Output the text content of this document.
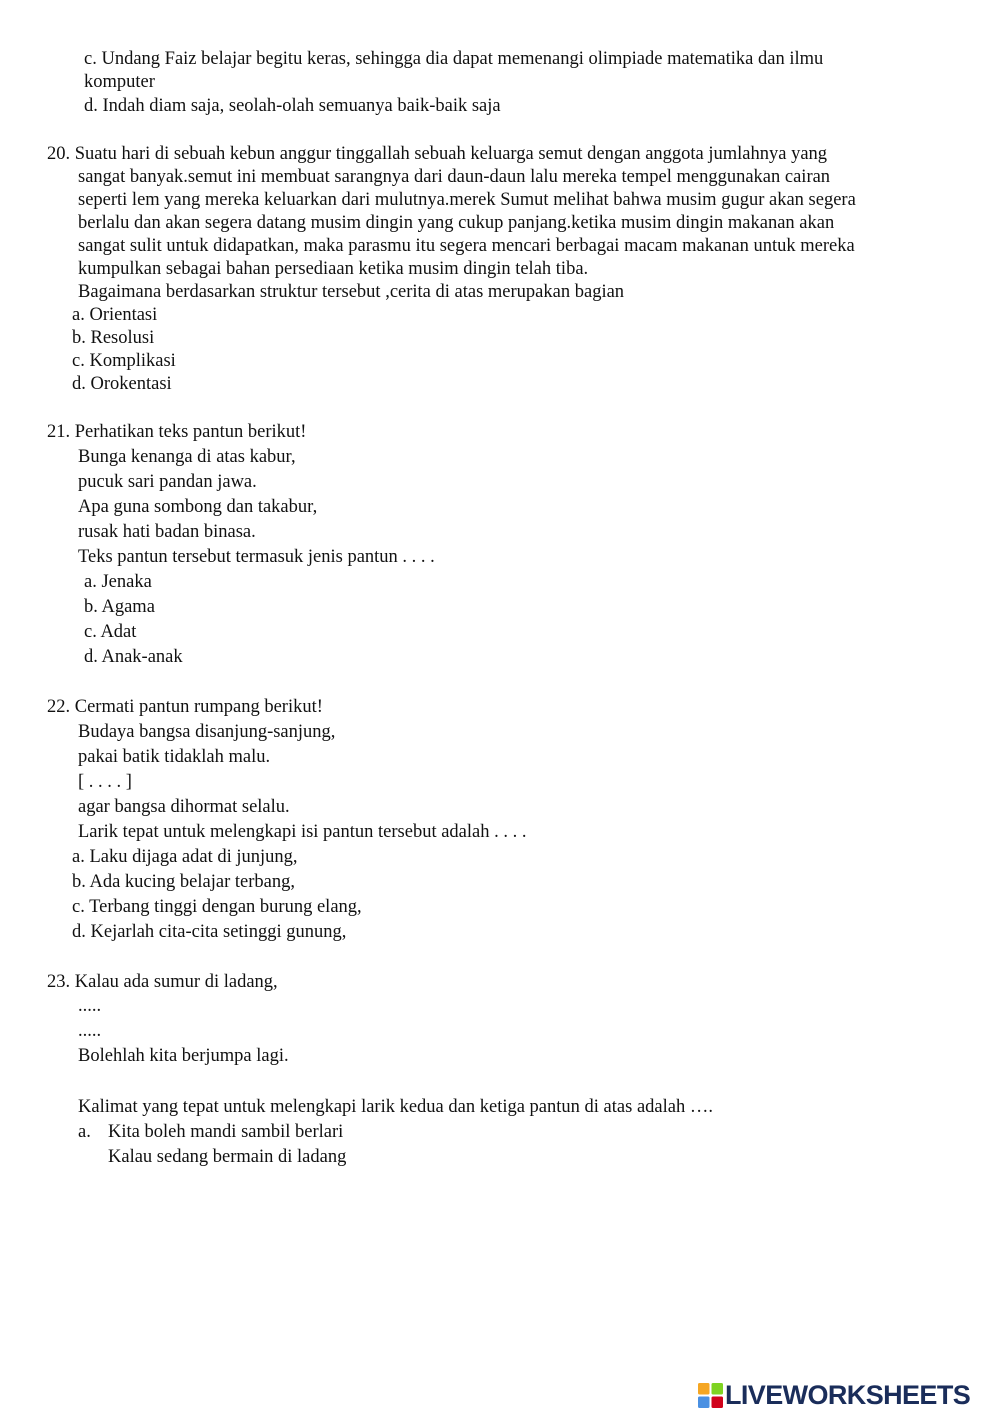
c. Undang Faiz belajar begitu keras, sehingga dia dapat memenangi olimpiade matematika dan ilmu
komputer
d. Indah diam saja, seolah-olah semuanya baik-baik saja
20. Suatu hari di sebuah kebun anggur tinggallah sebuah keluarga semut dengan anggota jumlahnya yang
sangat banyak.semut ini membuat sarangnya dari daun-daun lalu mereka tempel menggunakan cairan
seperti lem yang mereka keluarkan dari mulutnya.merek Sumut melihat bahwa musim gugur akan segera
berlalu dan akan segera datang musim dingin yang cukup panjang.ketika musim dingin makanan akan
sangat sulit untuk didapatkan, maka parasmu itu segera mencari berbagai macam makanan untuk mereka
kumpulkan sebagai bahan persediaan ketika musim dingin telah tiba.
Bagaimana berdasarkan struktur tersebut ,cerita di atas merupakan bagian
a. Orientasi
b. Resolusi
c. Komplikasi
d. Orokentasi
21. Perhatikan teks pantun berikut!
Bunga kenanga di atas kabur,
pucuk sari pandan jawa.
Apa guna sombong dan takabur,
rusak hati badan binasa.
Teks pantun tersebut termasuk jenis pantun . . . .
a. Jenaka
b. Agama
c. Adat
d. Anak-anak
22. Cermati pantun rumpang berikut!
Budaya bangsa disanjung-sanjung,
pakai batik tidaklah malu.
[ . . . . ]
agar bangsa dihormat selalu.
Larik tepat untuk melengkapi isi pantun tersebut adalah . . . .
a. Laku dijaga adat di junjung,
b. Ada kucing belajar terbang,
c. Terbang tinggi dengan burung elang,
d. Kejarlah cita-cita setinggi gunung,
23. Kalau ada sumur di ladang,
.....
.....
Bolehlah kita berjumpa lagi.
Kalimat yang tepat untuk melengkapi larik kedua dan ketiga pantun di atas adalah ….
a. Kita boleh mandi sambil berlari
Kalau sedang bermain di ladang
LIVEWORKSHEETS
